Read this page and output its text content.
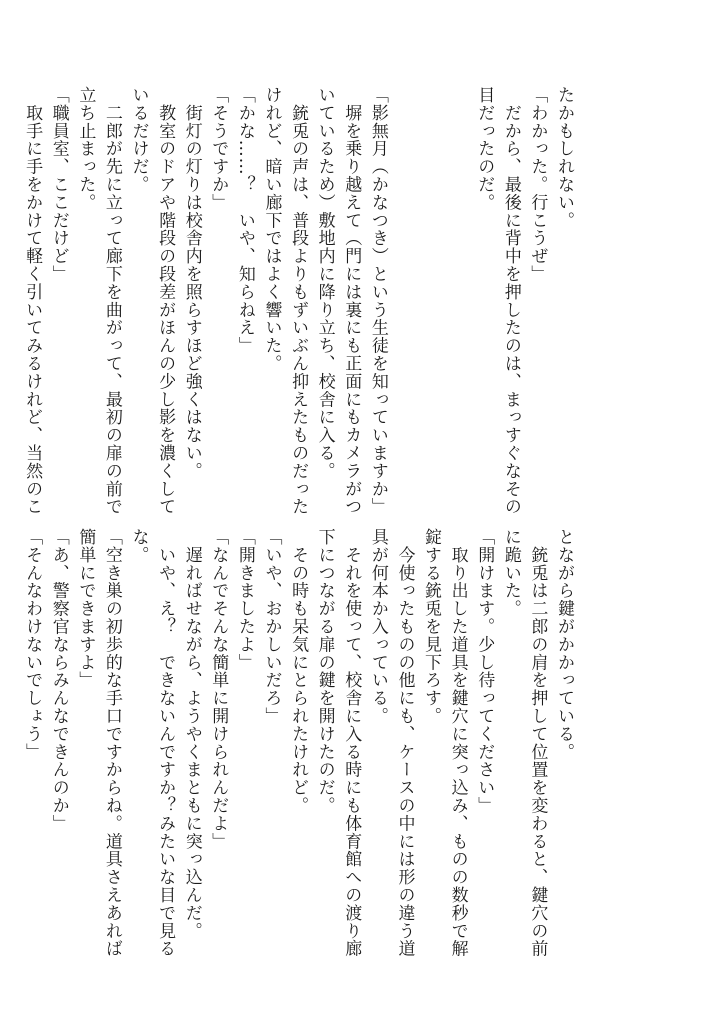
たかもしれない。
「わかった。行こうぜ」
　だから、最後に背中を押したのは、まっすぐなその
目だったのだ。

「影無月（かなつき）という生徒を知っていますか」
　塀を乗り越えて（門には裏にも正面にもカメラがつ
いているため）敷地内に降り立ち、校舎に入る。
　銃兎の声は、普段よりもずいぶん抑えたものだった
けれど、暗い廊下ではよく響いた。
「かな……？　いや、知らねえ」
「そうですか」
　街灯の灯りは校舎内を照らすほど強くはない。
　教室のドアや階段の段差がほんの少し影を濃くして
いるだけだ。
　二郎が先に立って廊下を曲がって、最初の扉の前で
立ち止まった。
「職員室、ここだけど」
　取手に手をかけて軽く引いてみるけれど、当然のこ
とながら鍵がかかっている。
　銃兎は二郎の肩を押して位置を変わると、鍵穴の前
に跪いた。
「開けます。少し待ってください」
　取り出した道具を鍵穴に突っ込み、ものの数秒で解
錠する銃兎を見下ろす。
　今使ったものの他にも、ケースの中には形の違う道
具が何本か入っている。
　それを使って、校舎に入る時にも体育館への渡り廊
下につながる扉の鍵を開けたのだ。
　その時も呆気にとられたけれど。
「いや、おかしいだろ」
「開きましたよ」
「なんでそんな簡単に開けられんだよ」
　遅ればせながら、ようやくまともに突っ込んだ。
　いや、え？　できないんですか？みたいな目で見る
な。
「空き巣の初歩的な手口ですからね。道具さえあれば
簡単にできますよ」
「あ、警察官ならみんなできんのか」
「そんなわけないでしょう」
